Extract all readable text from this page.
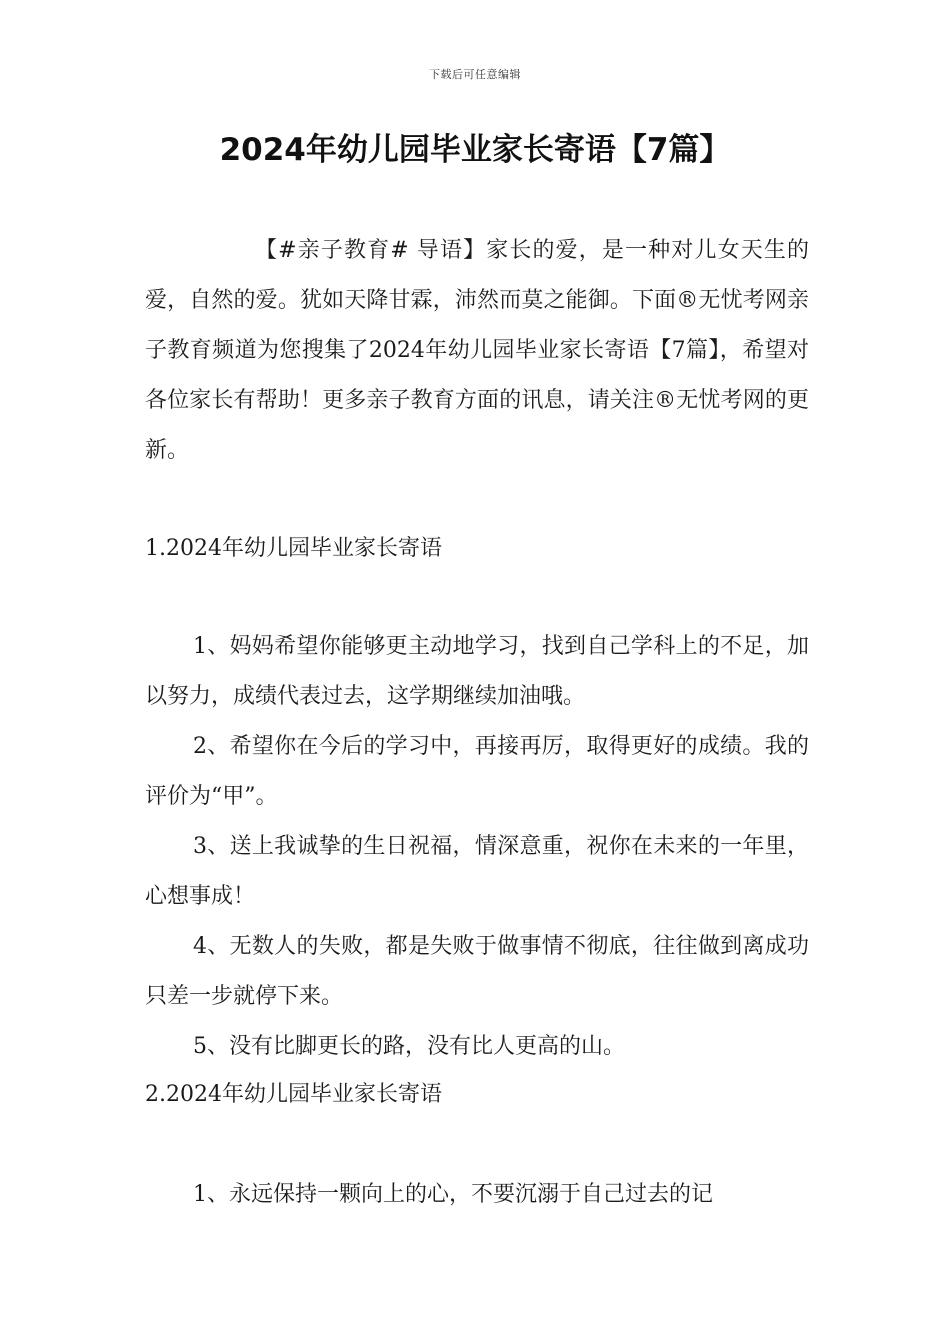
下载后可任意编辑
2024年幼儿园毕业家长寄语【7篇】

【#亲子教育# 导语】家长的爱，是一种对儿女天生的爱，自然的爱。犹如天降甘霖，沛然而莫之能御。下面®无忧考网亲子教育频道为您搜集了2024年幼儿园毕业家长寄语【7篇】，希望对各位家长有帮助！更多亲子教育方面的讯息，请关注®无忧考网的更新。

1.2024年幼儿园毕业家长寄语

1、妈妈希望你能够更主动地学习，找到自己学科上的不足，加以努力，成绩代表过去，这学期继续加油哦。

2、希望你在今后的学习中，再接再厉，取得更好的成绩。我的评价为“甲”。

3、送上我诚挚的生日祝福，情深意重，祝你在未来的一年里，心想事成！

4、无数人的失败，都是失败于做事情不彻底，往往做到离成功只差一步就停下来。

5、没有比脚更长的路，没有比人更高的山。

2.2024年幼儿园毕业家长寄语

1、永远保持一颗向上的心，不要沉溺于自己过去的记
